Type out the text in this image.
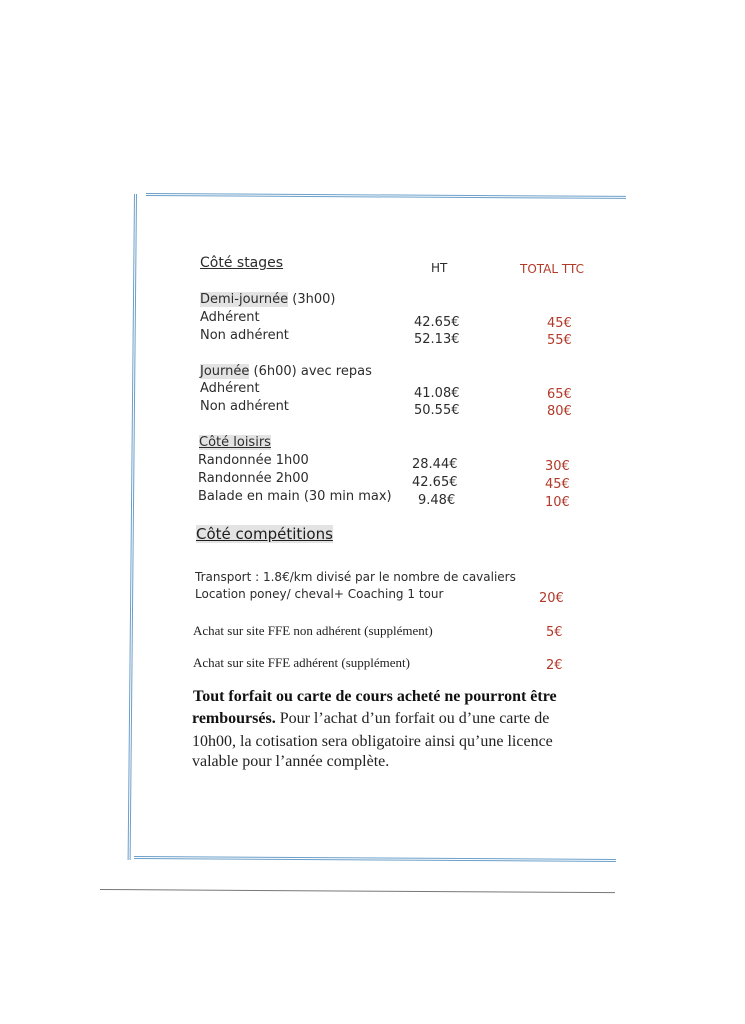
Côté stages	HT	TOTAL TTC
Demi-journée (3h00)
Adhérent	42.65€	45€
Non adhérent	52.13€	55€
Journée (6h00) avec repas
Adhérent	41.08€	65€
Non adhérent	50.55€	80€
Côté loisirs
Randonnée 1h00	28.44€	30€
Randonnée 2h00	42.65€	45€
Balade en main (30 min max) 9.48€	10€
Côté compétitions
Transport : 1.8€/km divisé par le nombre de cavaliers
Location poney/ cheval+ Coaching 1 tour	20€
Achat sur site FFE non adhérent (supplément)	5€
Achat sur site FFE adhérent (supplément)	2€
Tout forfait ou carte de cours acheté ne pourront être
remboursés. Pour l’achat d’un forfait ou d’une carte de
10h00, la cotisation sera obligatoire ainsi qu’une licence
valable pour l’année complète.
